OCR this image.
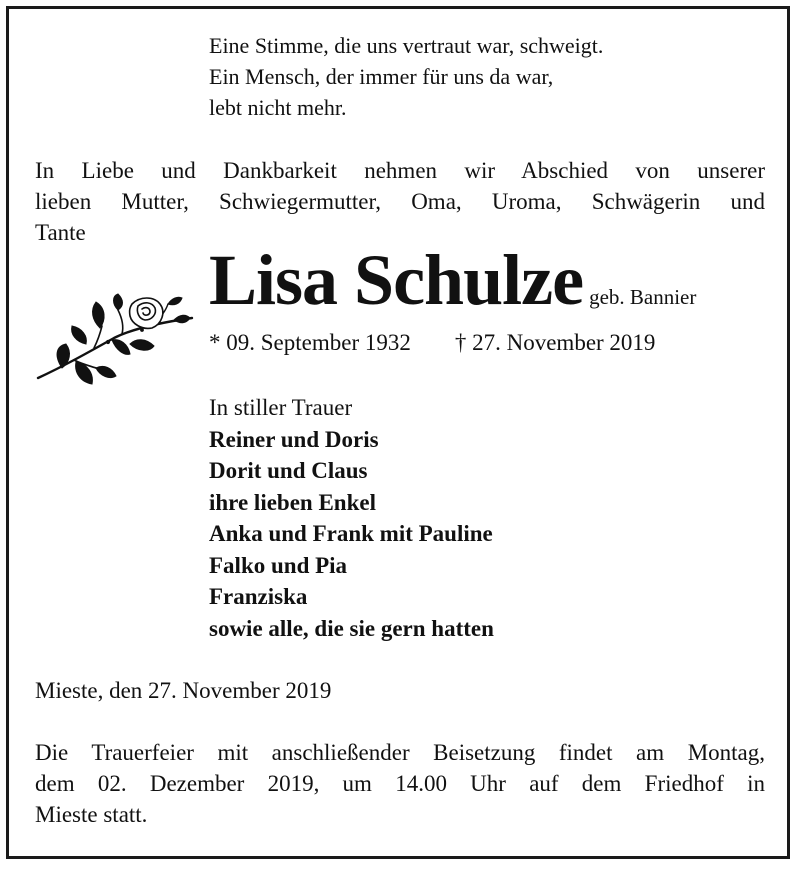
Eine Stimme, die uns vertraut war, schweigt.
Ein Mensch, der immer für uns da war,
lebt nicht mehr.
In Liebe und Dankbarkeit nehmen wir Abschied von unserer
lieben Mutter, Schwiegermutter, Oma, Uroma, Schwägerin und
Tante
Lisa Schulze geb. Bannier
* 09. September 1932 † 27. November 2019
In stiller Trauer
Reiner und Doris
Dorit und Claus
ihre lieben Enkel
Anka und Frank mit Pauline
Falko und Pia
Franziska
sowie alle, die sie gern hatten
Mieste, den 27. November 2019
Die Trauerfeier mit anschließender Beisetzung findet am Montag,
dem 02. Dezember 2019, um 14.00 Uhr auf dem Friedhof in
Mieste statt.
